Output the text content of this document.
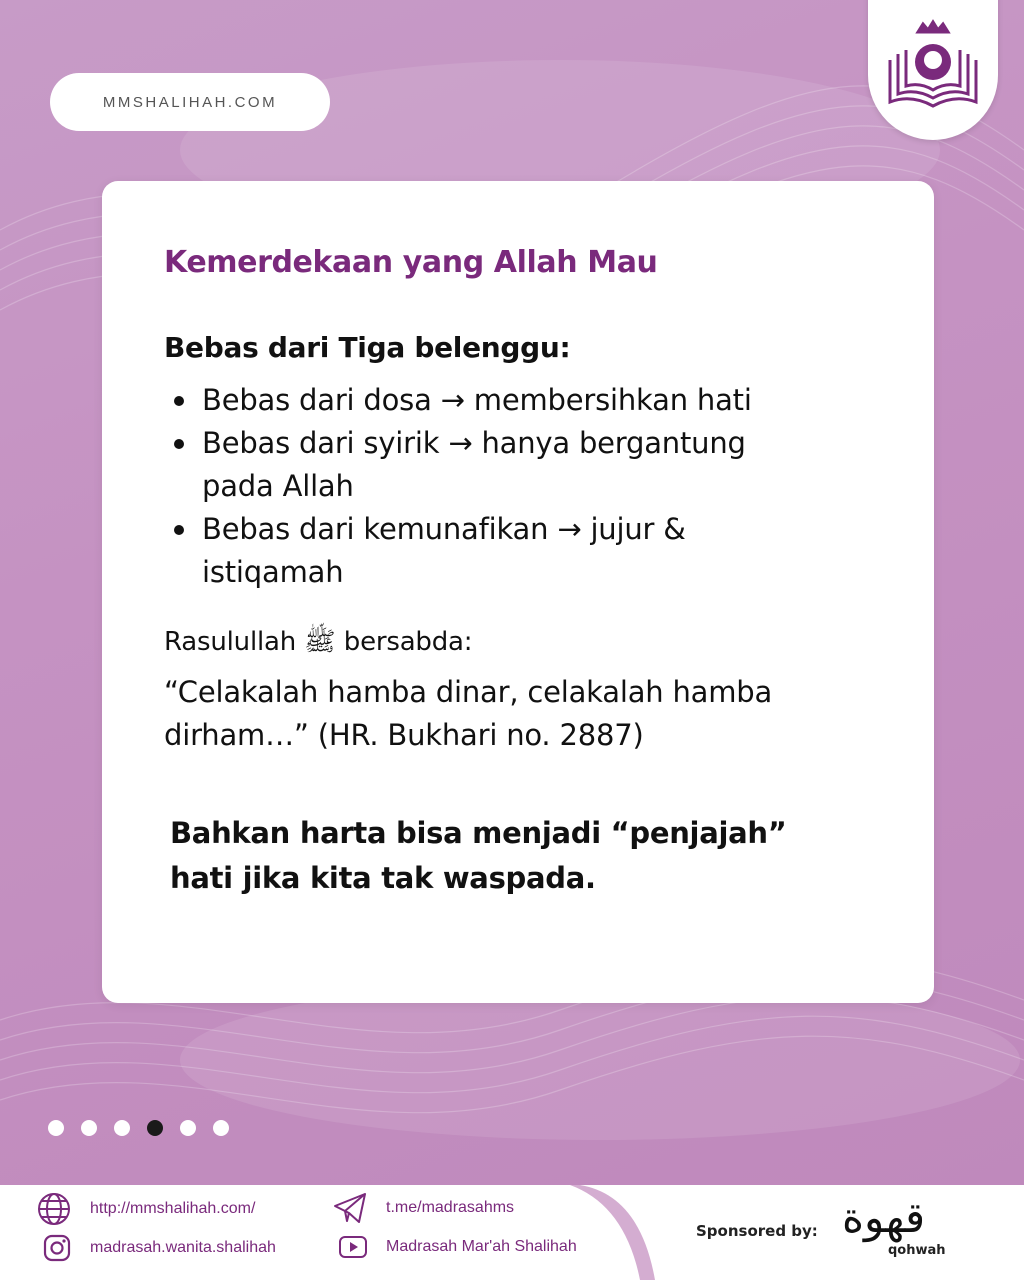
MMSHALIHAH.COM
Kemerdekaan yang Allah Mau
Bebas dari Tiga belenggu:
Bebas dari dosa → membersihkan hati
Bebas dari syirik → hanya bergantung pada Allah
Bebas dari kemunafikan → jujur & istiqamah
Rasulullah ﷺ bersabda:
“Celakalah hamba dinar, celakalah hamba dirham…” (HR. Bukhari no. 2887)
Bahkan harta bisa menjadi “penjajah” hati jika kita tak waspada.
http://mmshalihah.com/
madrasah.wanita.shalihah
t.me/madrasahms
Madrasah Mar'ah Shalihah
Sponsored by: قهوة
qohwah
